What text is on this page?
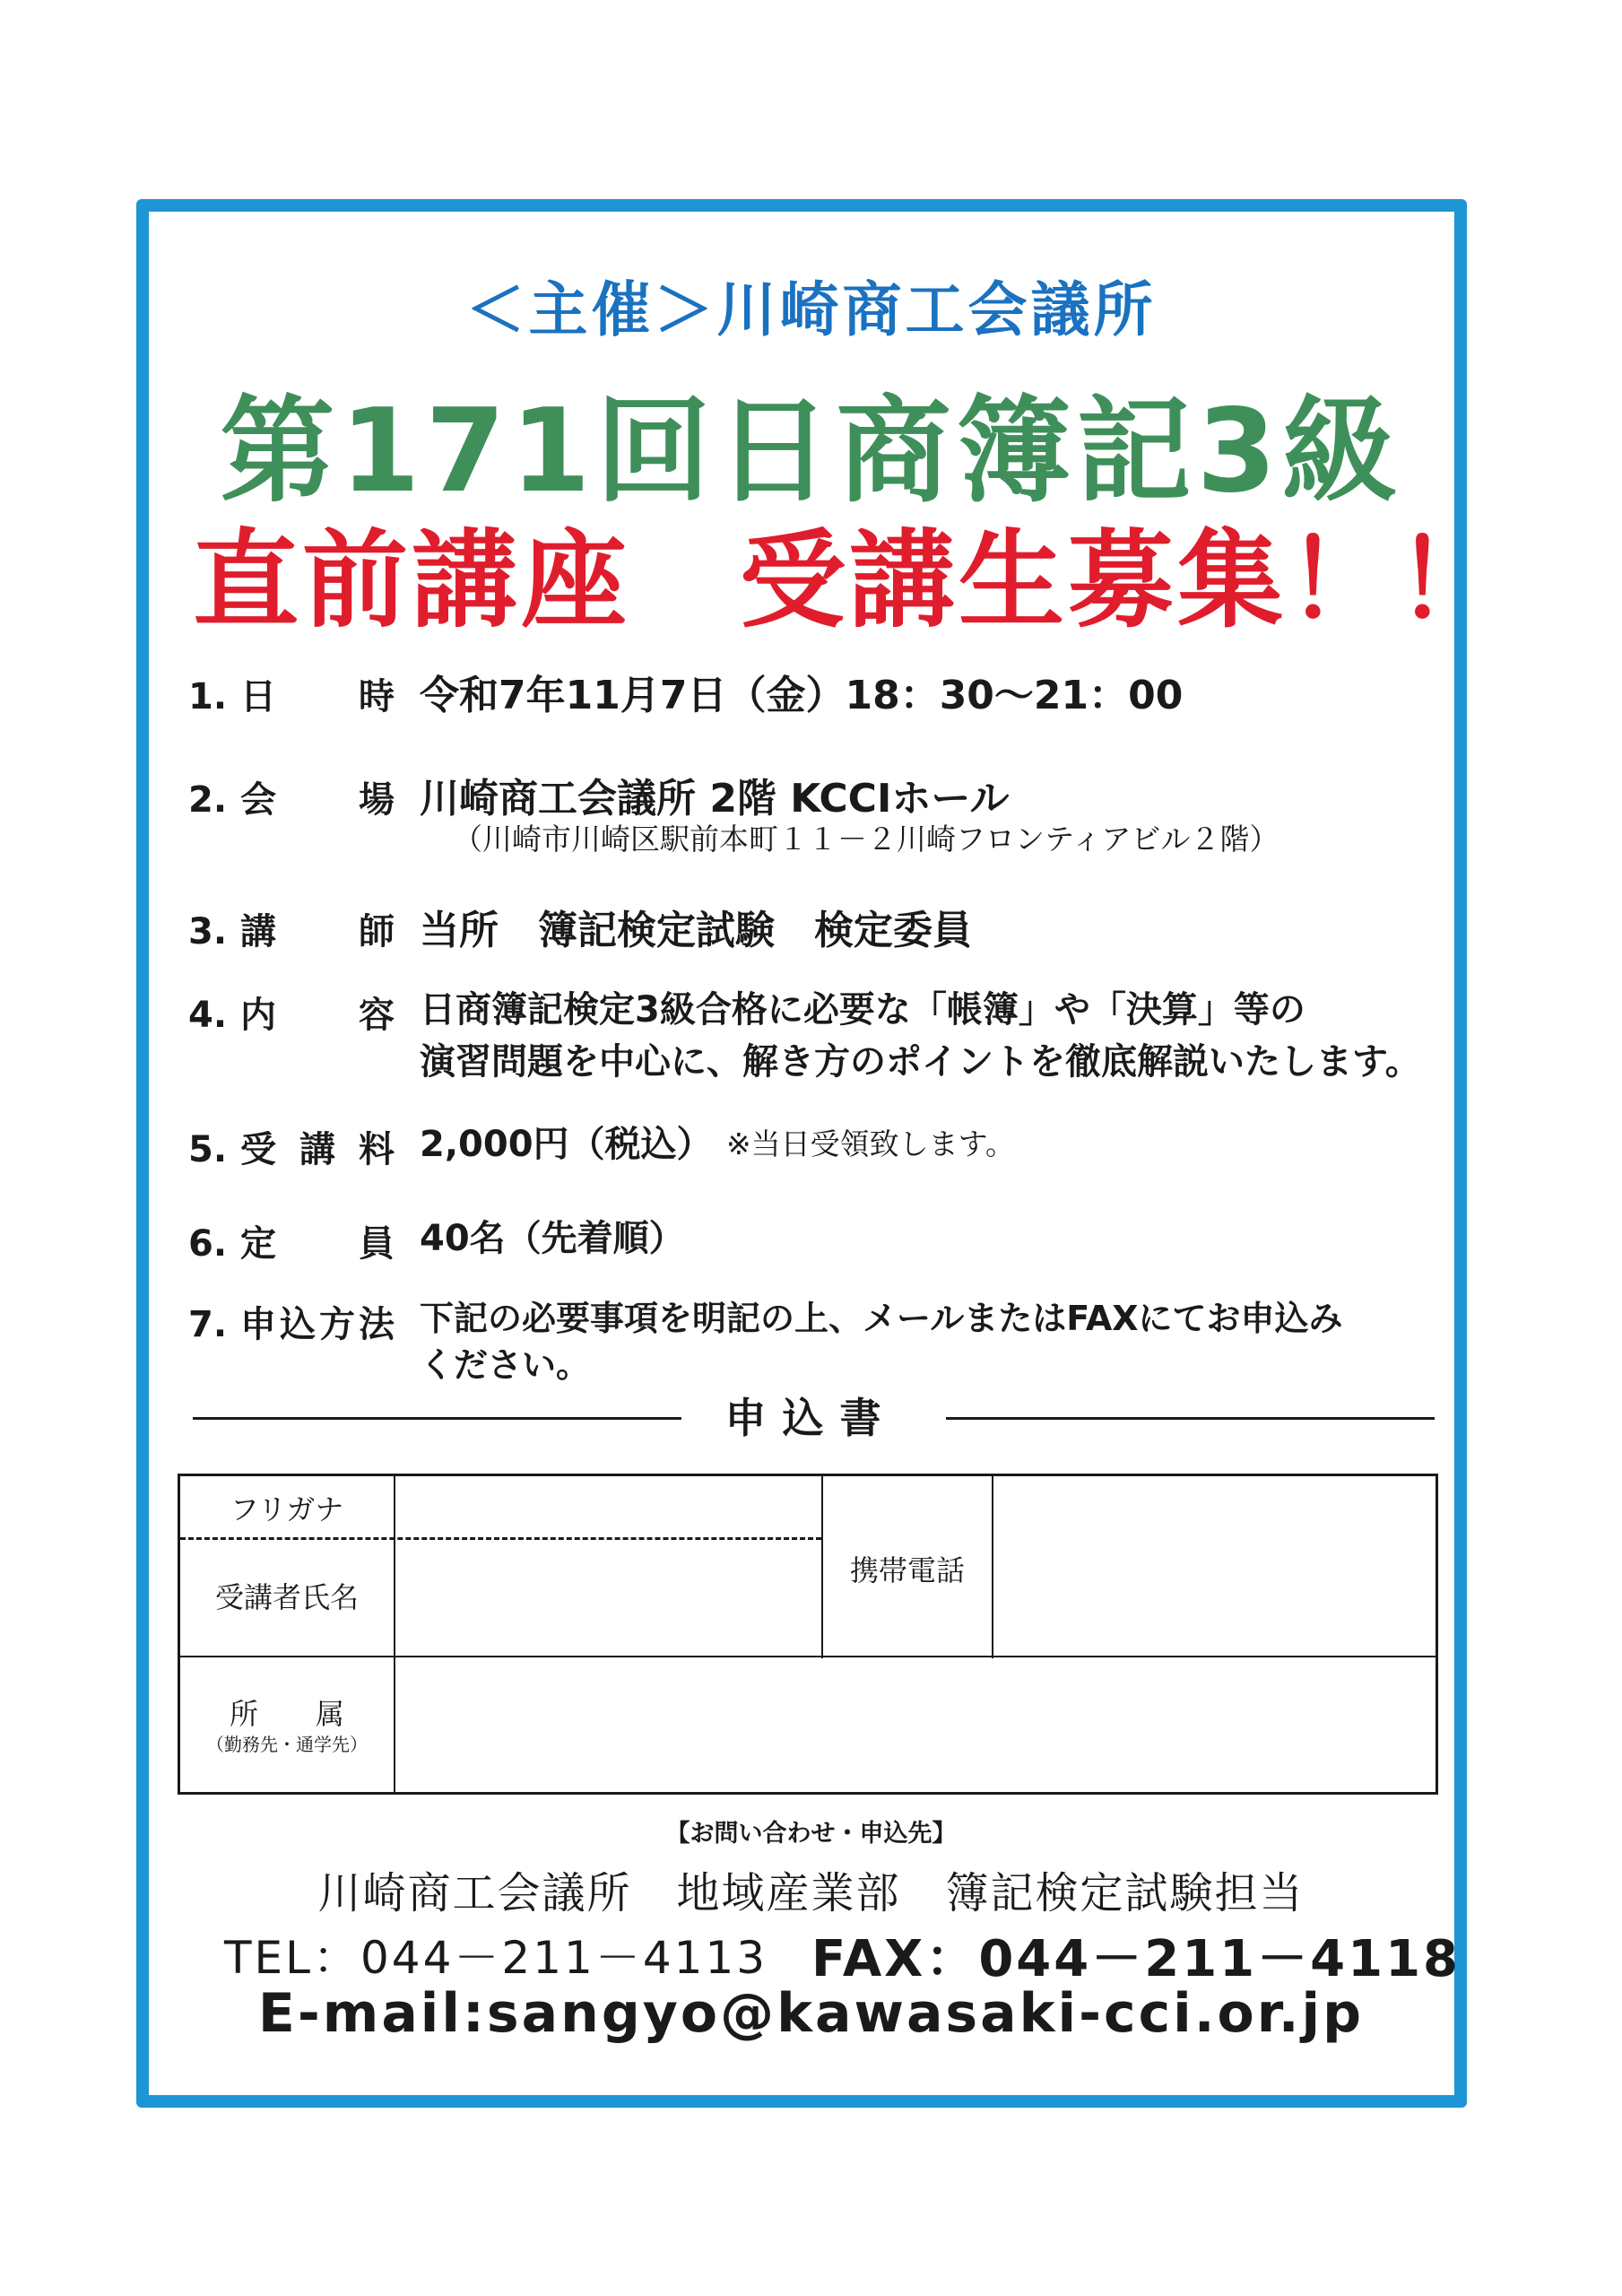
＜主催＞川崎商工会議所
第171回日商簿記3級
直前講座　受講生募集！！
1. 日時 令和7年11月7日（金）18：30～21：00
2. 会場 川崎商工会議所 2階 KCCIホール
（川崎市川崎区駅前本町１１－２川崎フロンティアビル２階）
3. 講師 当所　簿記検定試験　検定委員
4. 内容 日商簿記検定3級合格に必要な「帳簿」や「決算」等の
演習問題を中心に、解き方のポイントを徹底解説いたします。
5. 受講料 2,000円（税込） ※当日受領致します。
6. 定員 40名（先着順）
7. 申込方法 下記の必要事項を明記の上、メールまたはFAXにてお申込み
ください。
申込書
フリガナ
受講者氏名
携帯電話
所　　属
（勤務先・通学先）
【お問い合わせ・申込先】
川崎商工会議所　地域産業部　簿記検定試験担当
TEL：044－211－4113 FAX：044－211－4118
E-mail:sangyo@kawasaki-cci.or.jp
